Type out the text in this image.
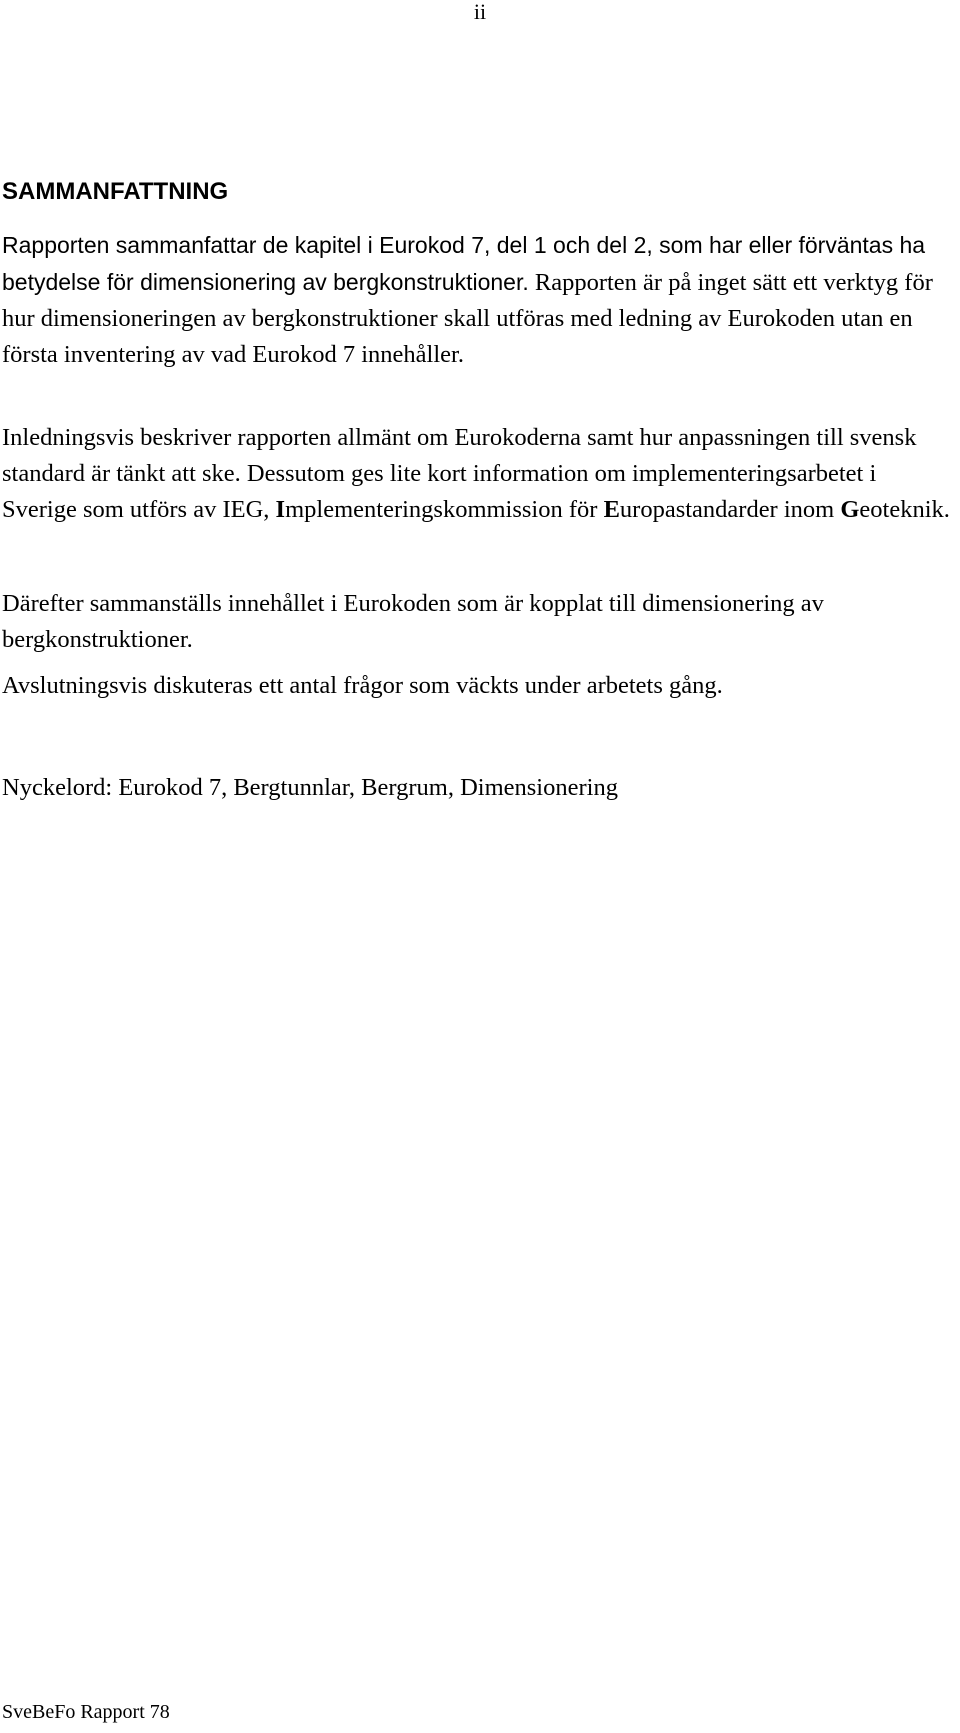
ii
SAMMANFATTNING

Rapporten sammanfattar de kapitel i Eurokod 7, del 1 och del 2, som har eller förväntas ha betydelse för dimensionering av bergkonstruktioner. Rapporten är på inget sätt ett verktyg för hur dimensioneringen av bergkonstruktioner skall utföras med ledning av Eurokoden utan en första inventering av vad Eurokod 7 innehåller.

Inledningsvis beskriver rapporten allmänt om Eurokoderna samt hur anpassningen till svensk standard är tänkt att ske. Dessutom ges lite kort information om implementeringsarbetet i Sverige som utförs av IEG, Implementeringskommission för Europastandarder inom Geoteknik.

Därefter sammanställs innehållet i Eurokoden som är kopplat till dimensionering av bergkonstruktioner.

Avslutningsvis diskuteras ett antal frågor som väckts under arbetets gång.

Nyckelord: Eurokod 7, Bergtunnlar, Bergrum, Dimensionering

SveBeFo Rapport 78
